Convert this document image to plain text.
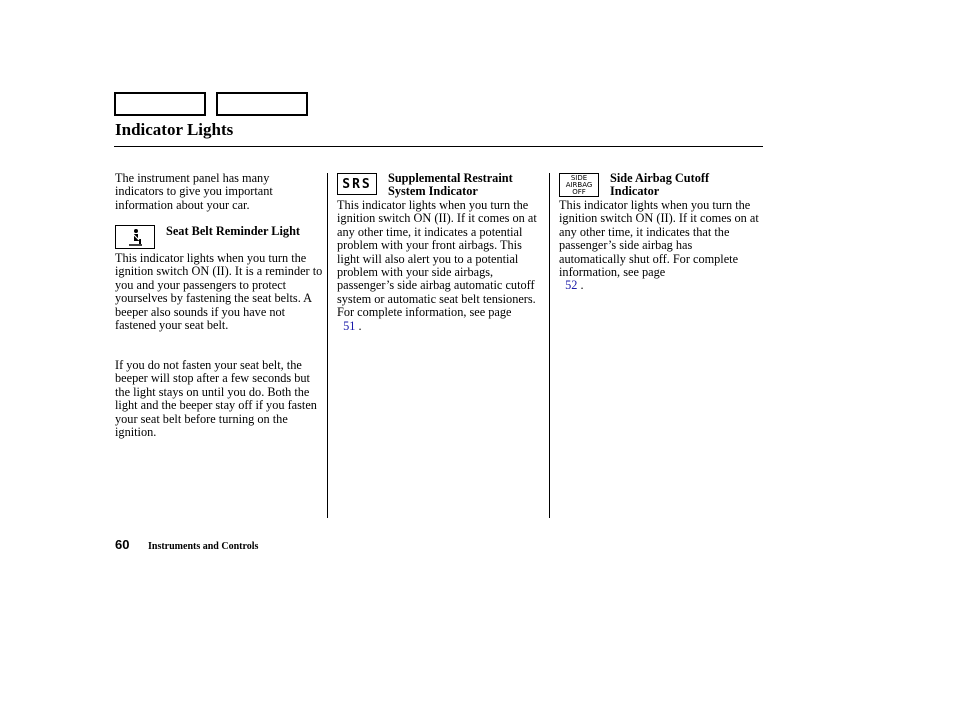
Indicator Lights

The instrument panel has many indicators to give you important information about your car.

Seat Belt Reminder Light

This indicator lights when you turn the ignition switch ON (II). It is a reminder to you and your passengers to protect yourselves by fastening the seat belts. A beeper also sounds if you have not fastened your seat belt.

If you do not fasten your seat belt, the beeper will stop after a few seconds but the light stays on until you do. Both the light and the beeper stay off if you fasten your seat belt before turning on the ignition.

SRS Supplemental Restraint
System Indicator

This indicator lights when you turn the ignition switch ON (II). If it comes on at any other time, it indicates a potential problem with your front airbags. This light will also alert you to a potential problem with your side airbags, passenger’s side airbag automatic cutoff system or automatic seat belt tensioners. For complete information, see page
51 .

SIDE
AIRBAG
OFF

Side Airbag Cutoff
Indicator

This indicator lights when you turn the ignition switch ON (II). If it comes on at any other time, it indicates that the passenger’s side airbag has automatically shut off. For complete information, see page
52 .

60 Instruments and Controls
